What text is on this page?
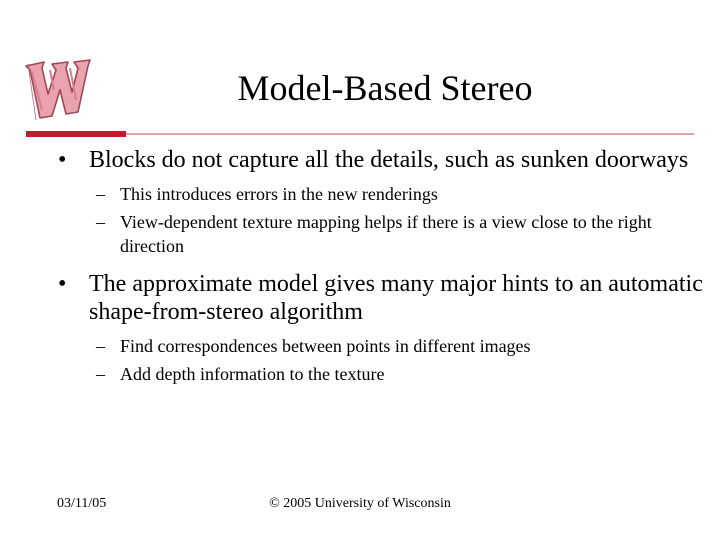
Model-Based Stereo
• Blocks do not capture all the details, such as sunken doorways
– This introduces errors in the new renderings
– View-dependent texture mapping helps if there is a view close to the right direction
• The approximate model gives many major hints to an automatic shape-from-stereo algorithm
– Find correspondences between points in different images
– Add depth information to the texture
03/11/05	© 2005 University of Wisconsin
